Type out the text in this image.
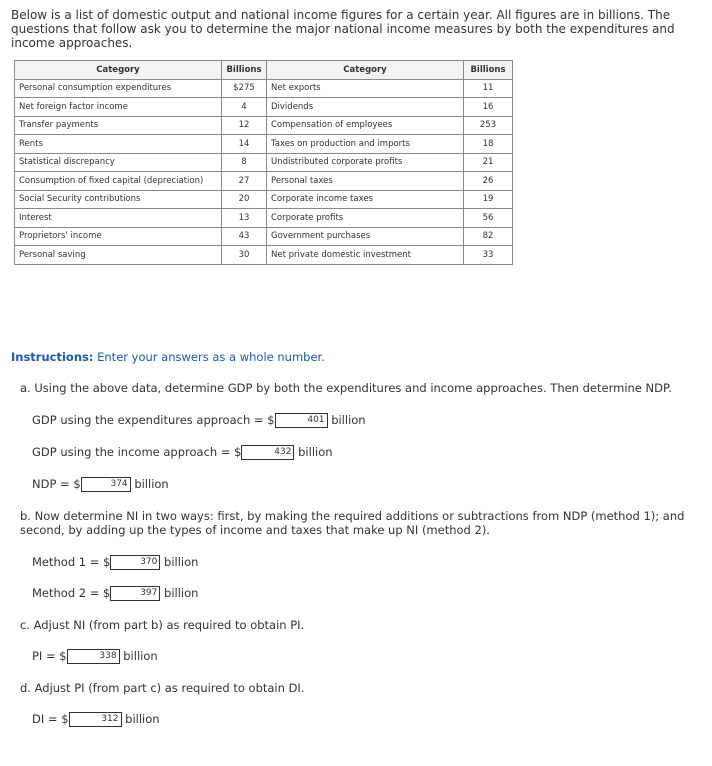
Below is a list of domestic output and national income figures for a certain year. All figures are in billions. The questions that follow ask you to determine the major national income measures by both the expenditures and income approaches.
Category	Billions	Category	Billions
Personal consumption expenditures	$275	Net exports	11
Net foreign factor income	4	Dividends	16
Transfer payments	12	Compensation of employees	253
Rents	14	Taxes on production and imports	18
Statistical discrepancy	8	Undistributed corporate profits	21
Consumption of fixed capital (depreciation)	27	Personal taxes	26
Social Security contributions	20	Corporate income taxes	19
Interest	13	Corporate profits	56
Proprietors' income	43	Government purchases	82
Personal saving	30	Net private domestic investment	33
Instructions: Enter your answers as a whole number.
a. Using the above data, determine GDP by both the expenditures and income approaches. Then determine NDP.
GDP using the expenditures approach = $	401 billion
GDP using the income approach = $	432 billion
NDP = $	374 billion
b. Now determine NI in two ways: first, by making the required additions or subtractions from NDP (method 1); and second, by adding up the types of income and taxes that make up NI (method 2).
Method 1 = $	370 billion
Method 2 = $	397 billion
c. Adjust NI (from part b) as required to obtain PI.
PI = $	338 billion
d. Adjust PI (from part c) as required to obtain DI.
DI = $	312 billion
